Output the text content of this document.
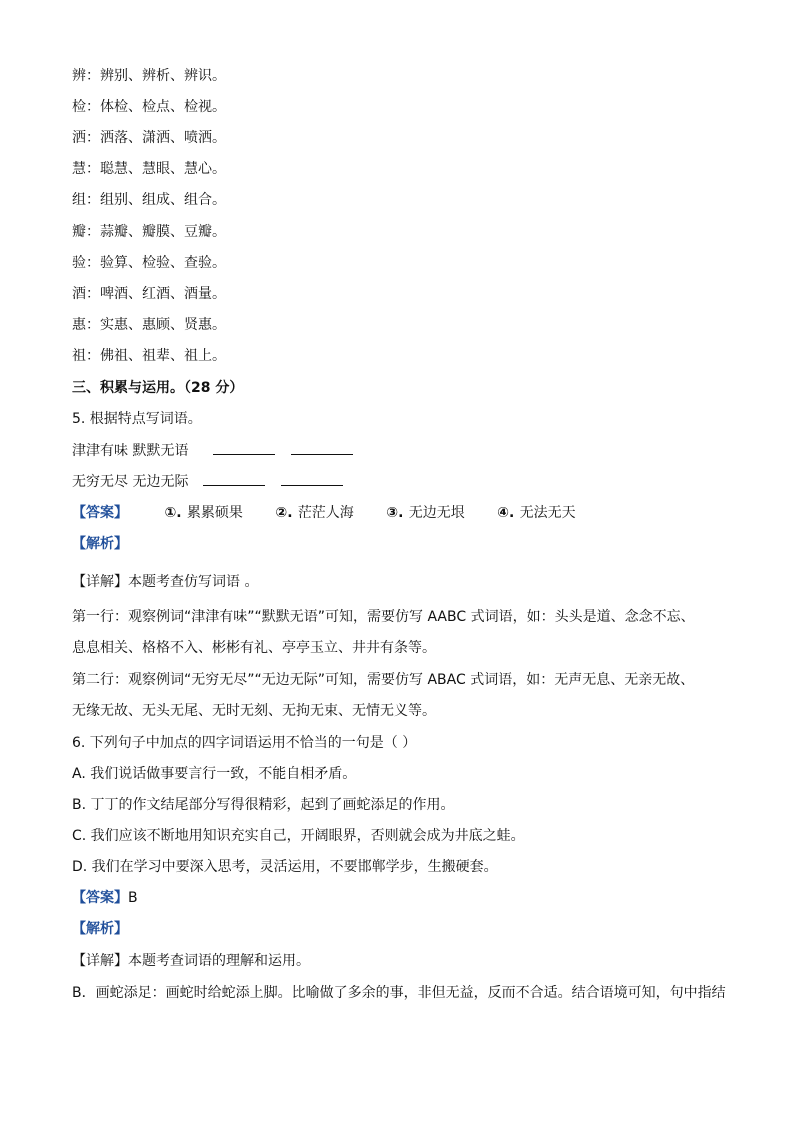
辨：辨别、辨析、辨识。
检：体检、检点、检视。
洒：洒落、潇洒、喷洒。
慧：聪慧、慧眼、慧心。
组：组别、组成、组合。
瓣：蒜瓣、瓣膜、豆瓣。
验：验算、检验、查验。
酒：啤酒、红酒、酒量。
惠：实惠、惠顾、贤惠。
祖：佛祖、祖辈、祖上。
三、积累与运用。（28 分）
5. 根据特点写词语。
津津有味 默默无语
无穷无尽 无边无际
【答案】	①. 累累硕果 ②. 茫茫人海 ③. 无边无垠 ④. 无法无天
【解析】
【详解】本题考查仿写词语 。
第一行：观察例词“津津有味”“默默无语”可知，需要仿写 AABC 式词语，如：头头是道、念念不忘、
息息相关、格格不入、彬彬有礼、亭亭玉立、井井有条等。
第二行：观察例词“无穷无尽”“无边无际”可知，需要仿写 ABAC 式词语，如：无声无息、无亲无故、
无缘无故、无头无尾、无时无刻、无拘无束、无情无义等。
6. 下列句子中加点的四字词语运用不恰当的一句是（ ）
A. 我们说话做事要言行一致，不能自相矛盾。
B. 丁丁的作文结尾部分写得很精彩，起到了画蛇添足的作用。
C. 我们应该不断地用知识充实自己，开阔眼界，否则就会成为井底之蛙。
D. 我们在学习中要深入思考，灵活运用，不要邯郸学步，生搬硬套。
【答案】B
【解析】
【详解】本题考查词语的理解和运用。
B．画蛇添足：画蛇时给蛇添上脚。比喻做了多余的事，非但无益，反而不合适。结合语境可知，句中指结
